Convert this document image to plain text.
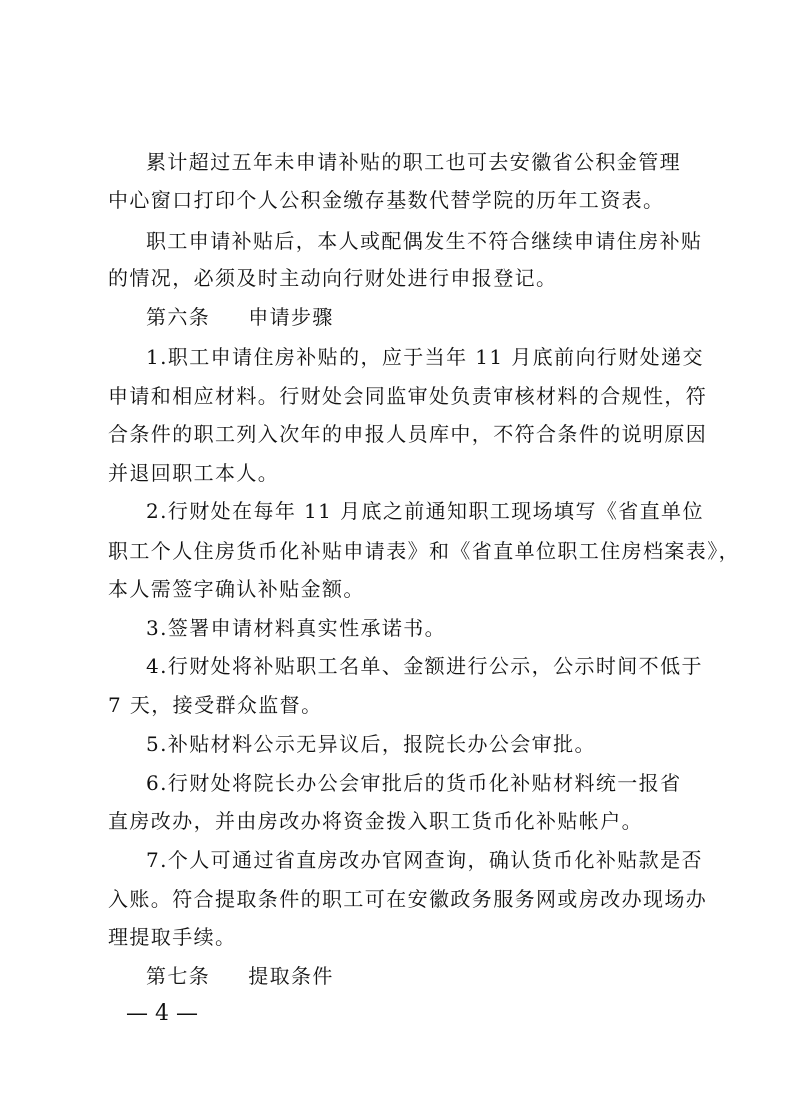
累计超过五年未申请补贴的职工也可去安徽省公积金管理
中心窗口打印个人公积金缴存基数代替学院的历年工资表。
职工申请补贴后，本人或配偶发生不符合继续申请住房补贴
的情况，必须及时主动向行财处进行申报登记。
第六条 申请步骤
1.职工申请住房补贴的，应于当年 11 月底前向行财处递交
申请和相应材料。行财处会同监审处负责审核材料的合规性，符
合条件的职工列入次年的申报人员库中，不符合条件的说明原因
并退回职工本人。
2.行财处在每年 11 月底之前通知职工现场填写《省直单位
职工个人住房货币化补贴申请表》和《省直单位职工住房档案表》，
本人需签字确认补贴金额。
3.签署申请材料真实性承诺书。
4.行财处将补贴职工名单、金额进行公示，公示时间不低于
7 天，接受群众监督。
5.补贴材料公示无异议后，报院长办公会审批。
6.行财处将院长办公会审批后的货币化补贴材料统一报省
直房改办，并由房改办将资金拨入职工货币化补贴帐户。
7.个人可通过省直房改办官网查询，确认货币化补贴款是否
入账。符合提取条件的职工可在安徽政务服务网或房改办现场办
理提取手续。
第七条 提取条件
— 4 —
